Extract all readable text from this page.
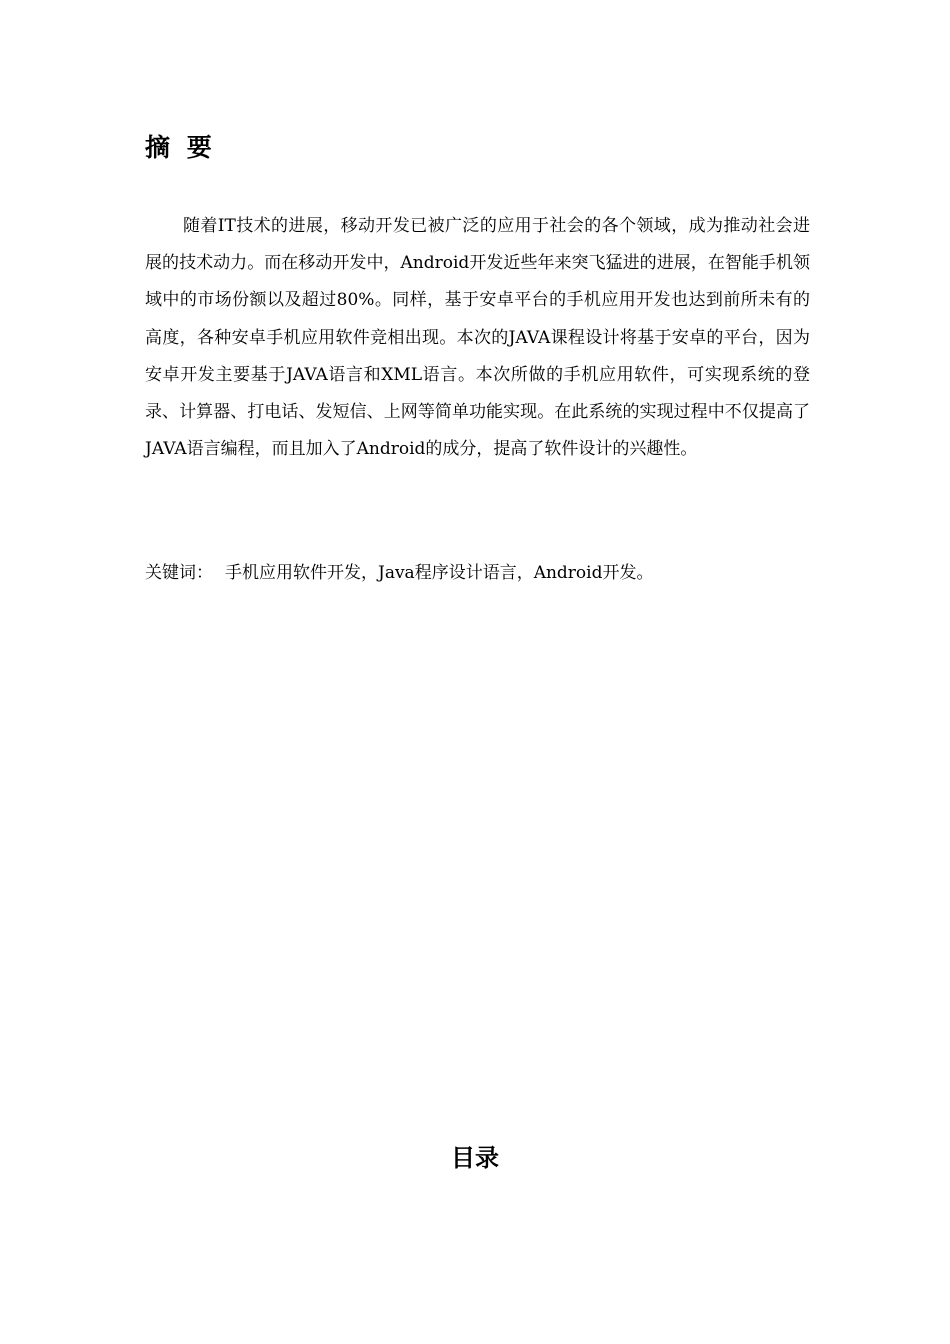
摘 要

随着IT技术的进展，移动开发已被广泛的应用于社会的各个领域，成为推动社会进展的技术动力。而在移动开发中，Android开发近些年来突飞猛进的进展，在智能手机领域中的市场份额以及超过80%。同样，基于安卓平台的手机应用开发也达到前所未有的高度，各种安卓手机应用软件竞相出现。本次的JAVA课程设计将基于安卓的平台，因为安卓开发主要基于JAVA语言和XML语言。本次所做的手机应用软件，可实现系统的登录、计算器、打电话、发短信、上网等简单功能实现。在此系统的实现过程中不仅提高了JAVA语言编程，而且加入了Android的成分，提高了软件设计的兴趣性。

关键词： 手机应用软件开发，Java程序设计语言，Android开发。

目录
